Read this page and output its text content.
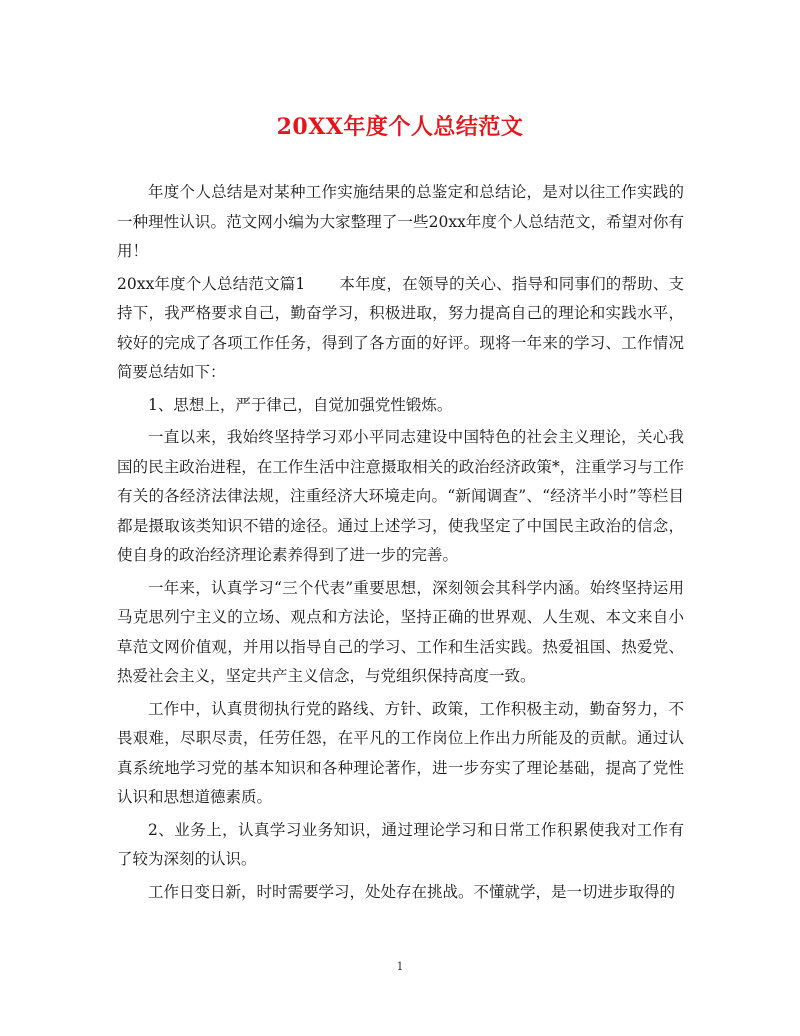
20XX年度个人总结范文

年度个人总结是对某种工作实施结果的总鉴定和总结论，是对以往工作实践的一种理性认识。范文网小编为大家整理了一些20xx年度个人总结范文，希望对你有用！

20xx年度个人总结范文篇1 本年度，在领导的关心、指导和同事们的帮助、支持下，我严格要求自己，勤奋学习，积极进取，努力提高自己的理论和实践水平，较好的完成了各项工作任务，得到了各方面的好评。现将一年来的学习、工作情况简要总结如下：

1、思想上，严于律己，自觉加强党性锻炼。

一直以来，我始终坚持学习邓小平同志建设中国特色的社会主义理论，关心我国的民主政治进程，在工作生活中注意摄取相关的政治经济政策*，注重学习与工作有关的各经济法律法规，注重经济大环境走向。“新闻调查”、“经济半小时”等栏目都是摄取该类知识不错的途径。通过上述学习，使我坚定了中国民主政治的信念，使自身的政治经济理论素养得到了进一步的完善。

一年来，认真学习“三个代表”重要思想，深刻领会其科学内涵。始终坚持运用马克思列宁主义的立场、观点和方法论，坚持正确的世界观、人生观、本文来自小草范文网价值观，并用以指导自己的学习、工作和生活实践。热爱祖国、热爱党、热爱社会主义，坚定共产主义信念，与党组织保持高度一致。

工作中，认真贯彻执行党的路线、方针、政策，工作积极主动，勤奋努力，不畏艰难，尽职尽责，任劳任怨，在平凡的工作岗位上作出力所能及的贡献。通过认真系统地学习党的基本知识和各种理论著作，进一步夯实了理论基础，提高了党性认识和思想道德素质。

2、业务上，认真学习业务知识，通过理论学习和日常工作积累使我对工作有了较为深刻的认识。

工作日变日新，时时需要学习，处处存在挑战。不懂就学，是一切进步取得的

1
